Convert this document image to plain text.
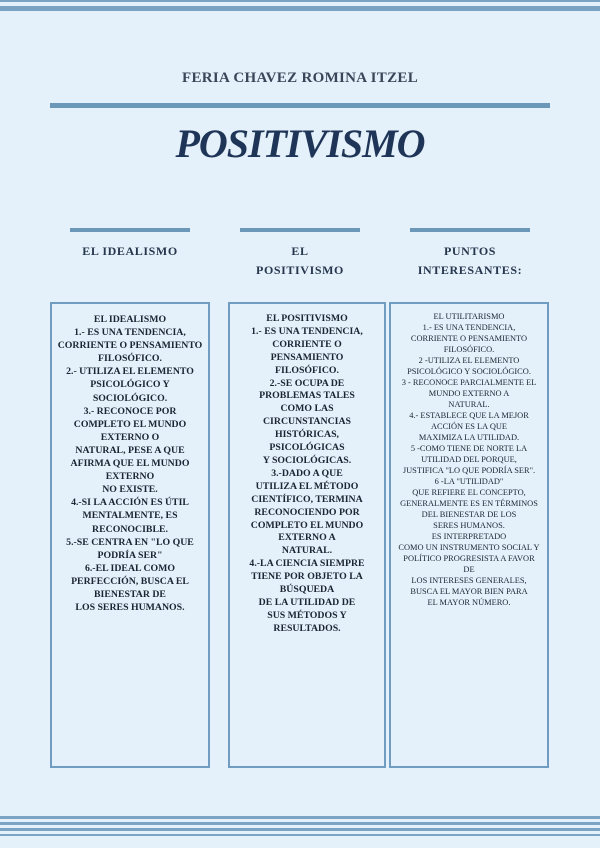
FERIA CHAVEZ ROMINA ITZEL
POSITIVISMO
EL IDEALISMO	EL
POSITIVISMO
PUNTOS
INTERESANTES:
EL IDEALISMO
1.- ES UNA TENDENCIA,
CORRIENTE O PENSAMIENTO
FILOSÓFICO.
2.- UTILIZA EL ELEMENTO
PSICOLÓGICO Y
SOCIOLÓGICO.
3.- RECONOCE POR
COMPLETO EL MUNDO
EXTERNO O
NATURAL, PESE A QUE
AFIRMA QUE EL MUNDO
EXTERNO
NO EXISTE.
4.-SI LA ACCIÓN ES ÚTIL
MENTALMENTE, ES
RECONOCIBLE.
5.-SE CENTRA EN "LO QUE
PODRÍA SER"
6.-EL IDEAL COMO
PERFECCIÓN, BUSCA EL
BIENESTAR DE
LOS SERES HUMANOS.
EL POSITIVISMO
1.- ES UNA TENDENCIA,
CORRIENTE O
PENSAMIENTO
FILOSÓFICO.
2.-SE OCUPA DE
PROBLEMAS TALES
COMO LAS
CIRCUNSTANCIAS
HISTÓRICAS,
PSICOLÓGICAS
Y SOCIOLÓGICAS.
3.-DADO A QUE
UTILIZA EL MÉTODO
CIENTÍFICO, TERMINA
RECONOCIENDO POR
COMPLETO EL MUNDO
EXTERNO A
NATURAL.
4.-LA CIENCIA SIEMPRE
TIENE POR OBJETO LA
BÚSQUEDA
DE LA UTILIDAD DE
SUS MÉTODOS Y
RESULTADOS.
EL UTILITARISMO
1.- ES UNA TENDENCIA,
CORRIENTE O PENSAMIENTO
FILOSÓFICO.
2 -UTILIZA EL ELEMENTO
PSICOLÓGICO Y SOCIOLÓGICO.
3 - RECONOCE PARCIALMENTE EL
MUNDO EXTERNO A
NATURAL.
4.- ESTABLECE QUE LA MEJOR
ACCIÓN ES LA QUE
MAXIMIZA LA UTILIDAD.
5 -COMO TIENE DE NORTE LA
UTILIDAD DEL PORQUE,
JUSTIFICA "LO QUE PODRÍA SER".
6 -LA "UTILIDAD"
QUE REFIERE EL CONCEPTO,
GENERALMENTE ES EN TÉRMINOS
DEL BIENESTAR DE LOS
SERES HUMANOS.
ES INTERPRETADO
COMO UN INSTRUMENTO SOCIAL Y
POLÍTICO PROGRESISTA A FAVOR
DE
LOS INTERESES GENERALES,
BUSCA EL MAYOR BIEN PARA
EL MAYOR NÚMERO.
